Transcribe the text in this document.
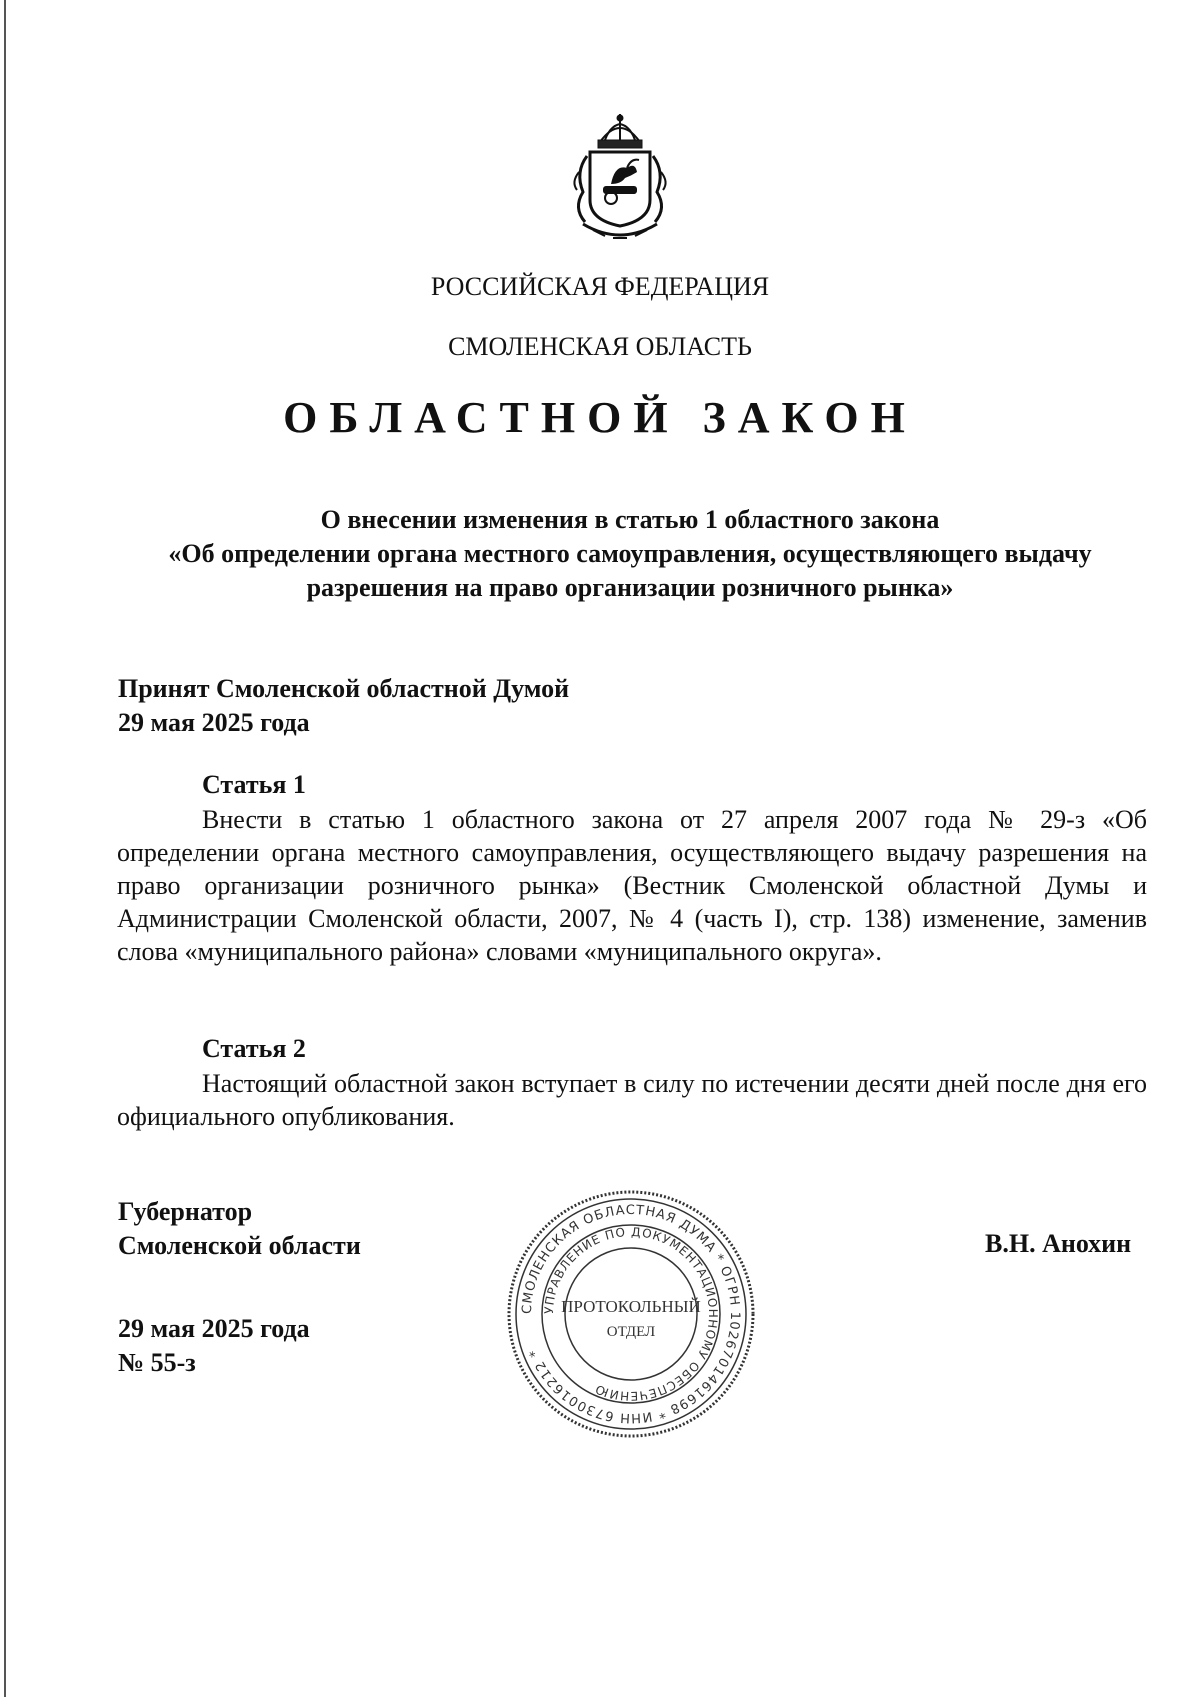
РОССИЙСКАЯ ФЕДЕРАЦИЯ
СМОЛЕНСКАЯ ОБЛАСТЬ
ОБЛАСТНОЙ ЗАКОН
О внесении изменения в статью 1 областного закона
«Об определении органа местного самоуправления, осуществляющего выдачу
разрешения на право организации розничного рынка»
Принят Смоленской областной Думой
29 мая 2025 года
Статья 1
Внести в статью 1 областного закона от 27 апреля 2007 года № 29-з «Об определении органа местного самоуправления, осуществляющего выдачу разрешения на право организации розничного рынка» (Вестник Смоленской областной Думы и Администрации Смоленской области, 2007, № 4 (часть I), стр. 138) изменение, заменив слова «муниципального района» словами «муниципального округа».
Статья 2
Настоящий областной закон вступает в силу по истечении десяти дней после дня его официального опубликования.
Губернатор
Смоленской области	В.Н. Анохин
29 мая 2025 года
№ 55-з
СМОЛЕНСКАЯ ОБЛАСТНАЯ ДУМА * ОГРН 1026701461698 * ИНН 6730016212 *
УПРАВЛЕНИЕ ПО ДОКУМЕНТАЦИОННОМУ ОБЕСПЕЧЕНИЮ
ПРОТОКОЛЬНЫЙ
ОТДЕЛ
